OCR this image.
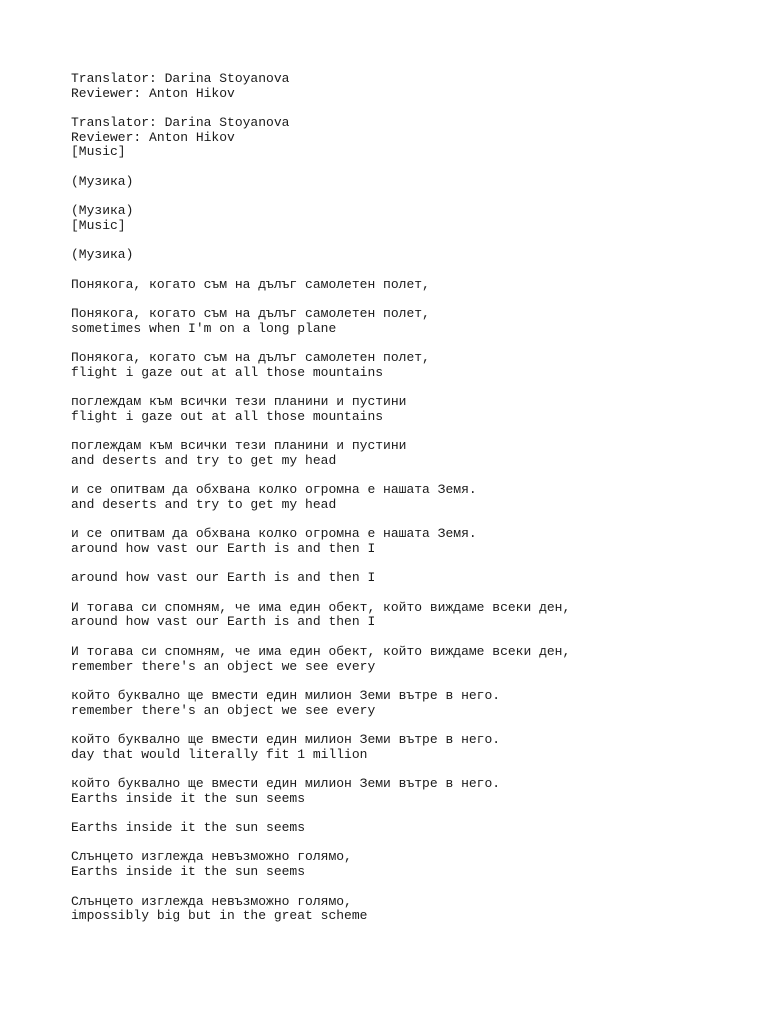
Translator: Darina Stoyanova
Reviewer: Anton Hikov
Translator: Darina Stoyanova
Reviewer: Anton Hikov
[Music]
(Музика)
(Музика)
[Music]
(Музика)
Понякога, когато съм на дълъг самолетен полет,
Понякога, когато съм на дълъг самолетен полет,
sometimes when I'm on a long plane
Понякога, когато съм на дълъг самолетен полет,
flight i gaze out at all those mountains
поглеждам към всички тези планини и пустини
flight i gaze out at all those mountains
поглеждам към всички тези планини и пустини
and deserts and try to get my head
и се опитвам да обхвана колко огромна е нашата Земя.
and deserts and try to get my head
и се опитвам да обхвана колко огромна е нашата Земя.
around how vast our Earth is and then I
around how vast our Earth is and then I
И тогава си спомням, че има един обект, който виждаме всеки ден,
around how vast our Earth is and then I
И тогава си спомням, че има един обект, който виждаме всеки ден,
remember there's an object we see every
който буквално ще вмести един милион Земи вътре в него.
remember there's an object we see every
който буквално ще вмести един милион Земи вътре в него.
day that would literally fit 1 million
който буквално ще вмести един милион Земи вътре в него.
Earths inside it the sun seems
Earths inside it the sun seems
Слънцето изглежда невъзможно голямо,
Earths inside it the sun seems
Слънцето изглежда невъзможно голямо,
impossibly big but in the great scheme
